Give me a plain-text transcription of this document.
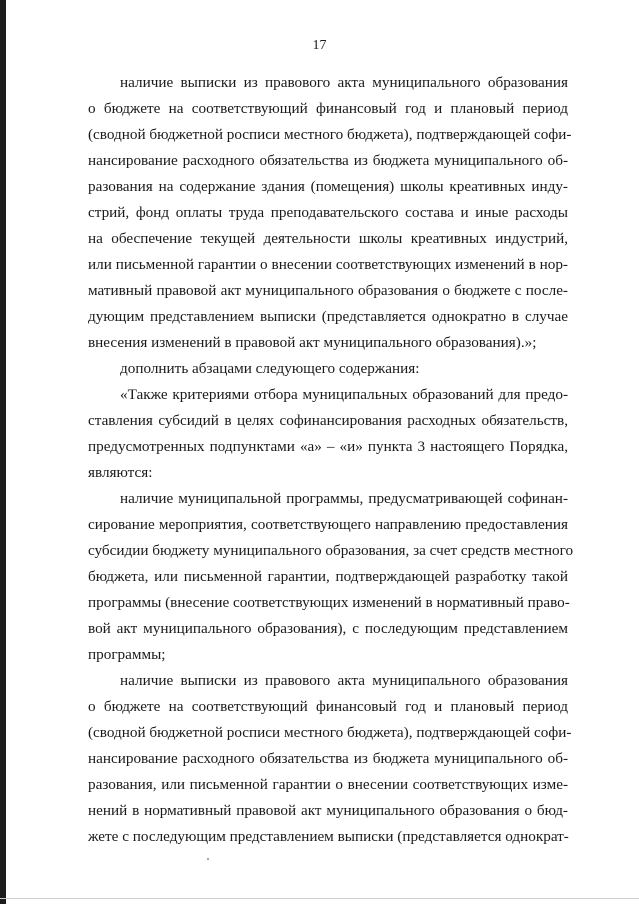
17
наличие выписки из правового акта муниципального образования
о бюджете на соответствующий финансовый год и плановый период
(сводной бюджетной росписи местного бюджета), подтверждающей софи-
нансирование расходного обязательства из бюджета муниципального об-
разования на содержание здания (помещения) школы креативных инду-
стрий, фонд оплаты труда преподавательского состава и иные расходы
на обеспечение текущей деятельности школы креативных индустрий,
или письменной гарантии о внесении соответствующих изменений в нор-
мативный правовой акт муниципального образования о бюджете с после-
дующим представлением выписки (представляется однократно в случае
внесения изменений в правовой акт муниципального образования).»;
дополнить абзацами следующего содержания:
«Также критериями отбора муниципальных образований для предо-
ставления субсидий в целях софинансирования расходных обязательств,
предусмотренных подпунктами «а» – «и» пункта 3 настоящего Порядка,
являются:
наличие муниципальной программы, предусматривающей софинан-
сирование мероприятия, соответствующего направлению предоставления
субсидии бюджету муниципального образования, за счет средств местного
бюджета, или письменной гарантии, подтверждающей разработку такой
программы (внесение соответствующих изменений в нормативный право-
вой акт муниципального образования), с последующим представлением
программы;
наличие выписки из правового акта муниципального образования
о бюджете на соответствующий финансовый год и плановый период
(сводной бюджетной росписи местного бюджета), подтверждающей софи-
нансирование расходного обязательства из бюджета муниципального об-
разования, или письменной гарантии о внесении соответствующих изме-
нений в нормативный правовой акт муниципального образования о бюд-
жете с последующим представлением выписки (представляется однократ-
